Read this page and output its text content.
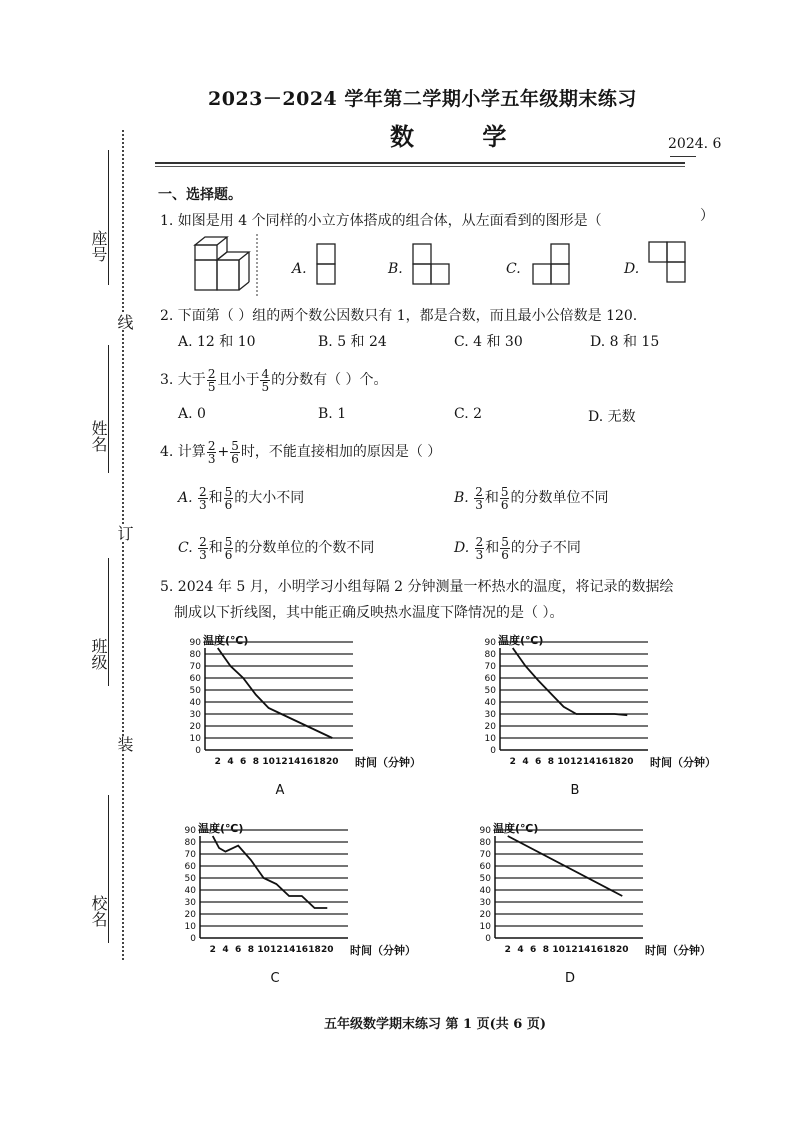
2023－2024 学年第二学期小学五年级期末练习
数 学	2024. 6
座号
线
姓名
订
班级
装
校名
一、选择题。
1. 如图是用 4 个同样的小立方体搭成的组合体，从左面看到的图形是（	）
A.	B.	C.	D.
2. 下面第（ ）组的两个数公因数只有 1，都是合数，而且最小公倍数是 120.
A. 12 和 10	B. 5 和 24	C. 4 和 30	D. 8 和 15
3. 大于 $\frac{2}{5}$ 且小于 $\frac{4}{5}$ 的分数有（ ）个。
A. 0	B. 1	C. 2	D. 无数
4. 计算 $\frac{2}{3} + \frac{5}{6}$ 时，不能直接相加的原因是（ ）
A. $\frac{2}{3}$ 和 $\frac{5}{6}$ 的大小不同	B. $\frac{2}{3}$ 和 $\frac{5}{6}$ 的分数单位不同
C. $\frac{2}{3}$ 和 $\frac{5}{6}$ 的分数单位的个数不同	D. $\frac{2}{3}$ 和 $\frac{5}{6}$ 的分子不同
5. 2024 年 5 月，小明学习小组每隔 2 分钟测量一杯热水的温度，将记录的数据绘
制成以下折线图，其中能正确反映热水温度下降情况的是（ ）。
温度(℃)
0
10
20
30
40
50
60
70
80
90
2 4 6 8 10 12 14 16 18 20 时间（分钟）
A
温度(℃)
0
10
20
30
40
50
60
70
80
90
2 4 6 8 10 12 14 16 18 20 时间（分钟）
B
温度(℃)
0
10
20
30
40
50
60
70
80
90
2 4 6 8 10 12 14 16 18 20 时间（分钟）
C
温度(℃)
0
10
20
30
40
50
60
70
80
90
2 4 6 8 10 12 14 16 18 20 时间（分钟）
D
五年级数学期末练习 第 1 页(共 6 页)
